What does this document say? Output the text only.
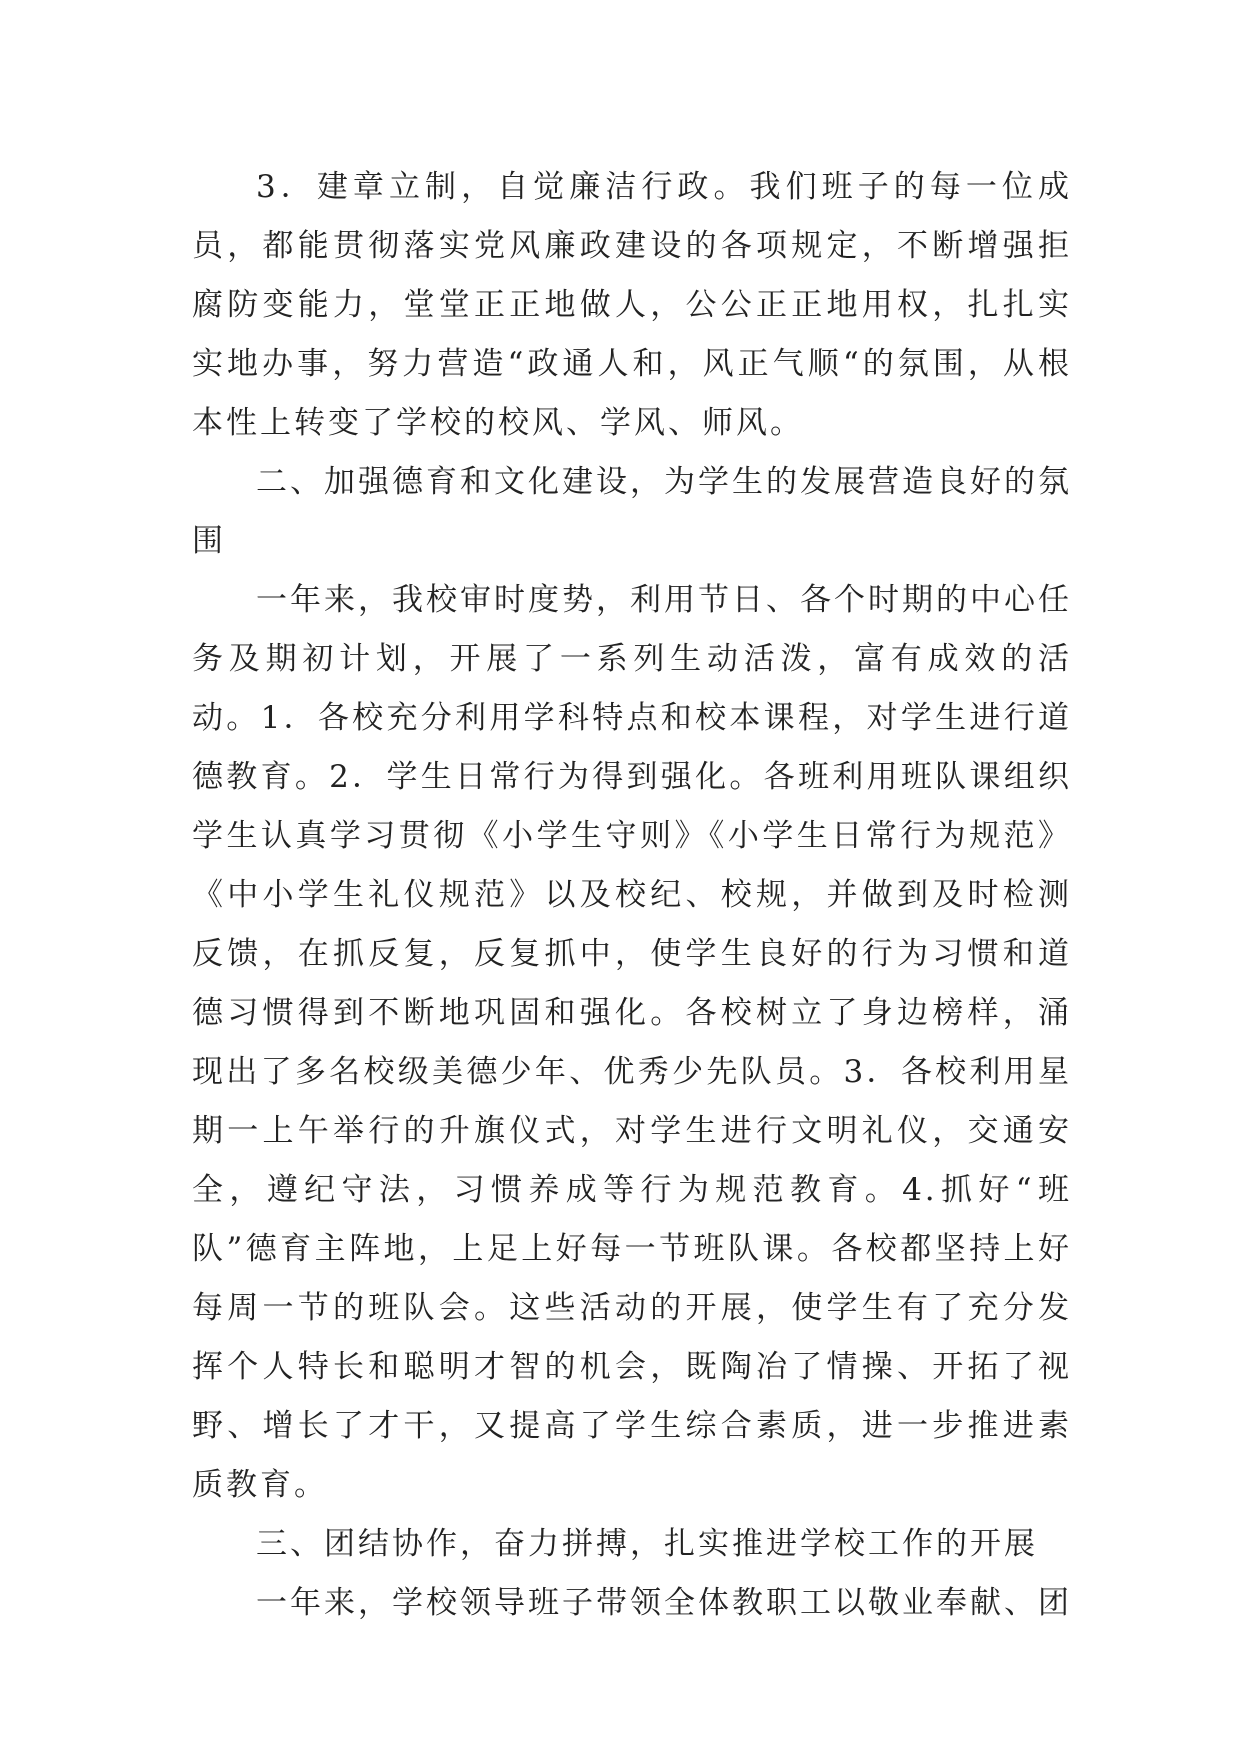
3．建章立制，自觉廉洁行政。我们班子的每一位成员，都能贯彻落实党风廉政建设的各项规定，不断增强拒腐防变能力，堂堂正正地做人，公公正正地用权，扎扎实实地办事，努力营造“政通人和，风正气顺“的氛围，从根本性上转变了学校的校风、学风、师风。

二、加强德育和文化建设，为学生的发展营造良好的氛围

一年来，我校审时度势，利用节日、各个时期的中心任务及期初计划，开展了一系列生动活泼，富有成效的活动。1．各校充分利用学科特点和校本课程，对学生进行道德教育。2．学生日常行为得到强化。各班利用班队课组织学生认真学习贯彻《小学生守则》《小学生日常行为规范》《中小学生礼仪规范》以及校纪、校规，并做到及时检测反馈，在抓反复，反复抓中，使学生良好的行为习惯和道德习惯得到不断地巩固和强化。各校树立了身边榜样，涌现出了多名校级美德少年、优秀少先队员。3．各校利用星期一上午举行的升旗仪式，对学生进行文明礼仪，交通安全，遵纪守法，习惯养成等行为规范教育。4.抓好“班队”德育主阵地，上足上好每一节班队课。各校都坚持上好每周一节的班队会。这些活动的开展，使学生有了充分发挥个人特长和聪明才智的机会，既陶冶了情操、开拓了视野、增长了才干，又提高了学生综合素质，进一步推进素质教育。

三、团结协作，奋力拼搏，扎实推进学校工作的开展

一年来，学校领导班子带领全体教职工以敬业奉献、团
